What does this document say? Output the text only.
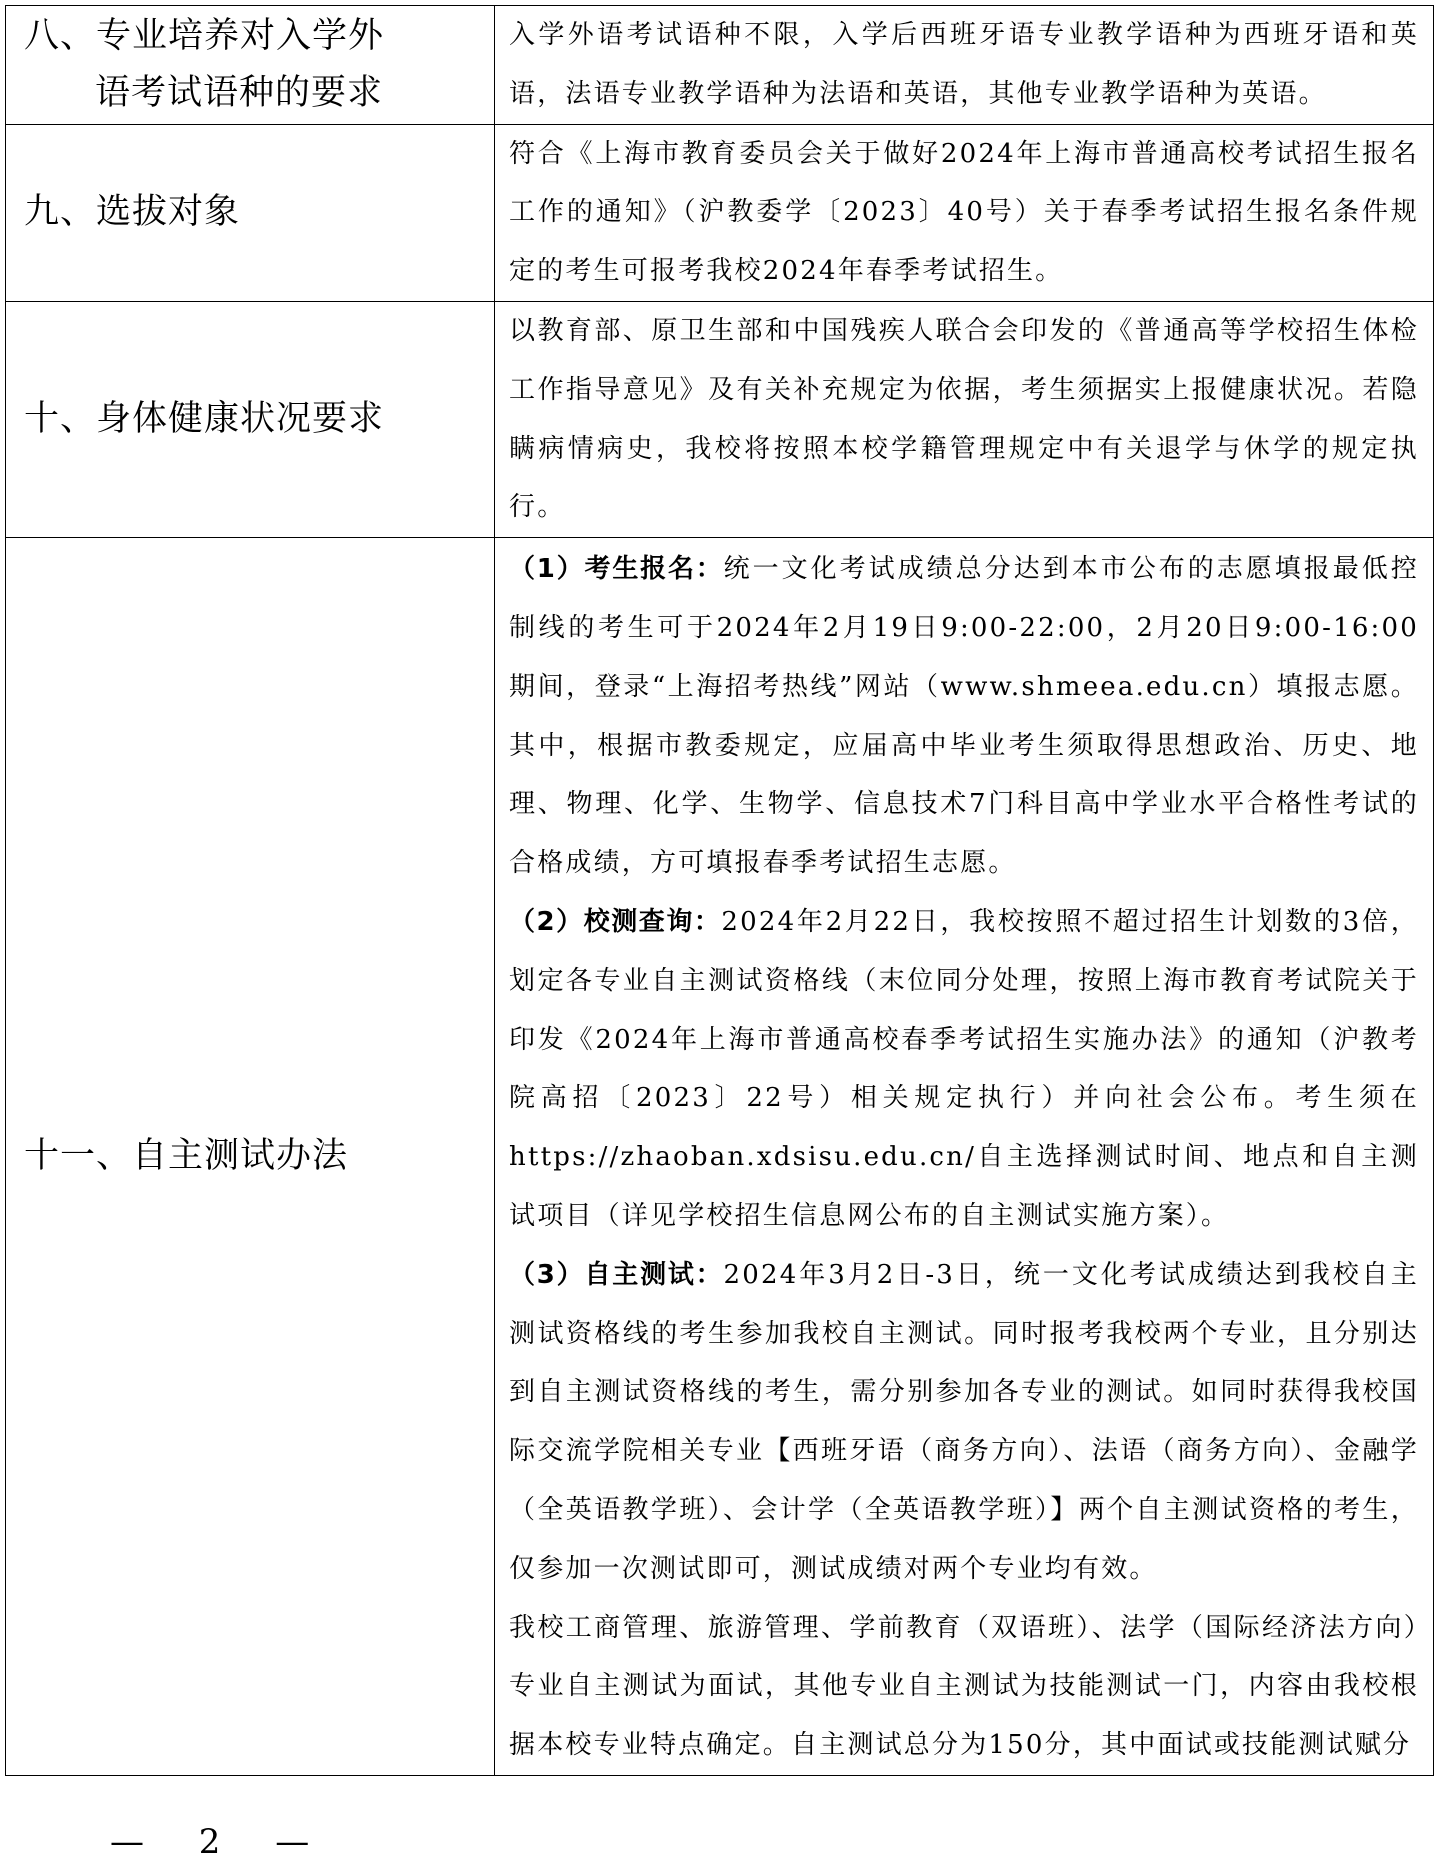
八、专业培养对入学外
语考试语种的要求	入学外语考试语种不限，入学后西班牙语专业教学语种为西班牙语和英语，法语专业教学语种为法语和英语，其他专业教学语种为英语。

九、选拔对象	符合《上海市教育委员会关于做好2024年上海市普通高校考试招生报名工作的通知》（沪教委学〔2023〕40号）关于春季考试招生报名条件规定的考生可报考我校2024年春季考试招生。

十、身体健康状况要求	以教育部、原卫生部和中国残疾人联合会印发的《普通高等学校招生体检工作指导意见》及有关补充规定为依据，考生须据实上报健康状况。若隐瞒病情病史，我校将按照本校学籍管理规定中有关退学与休学的规定执行。

十一、自主测试办法	（1）考生报名：统一文化考试成绩总分达到本市公布的志愿填报最低控制线的考生可于2024年2月19日9:00-22:00，2月20日9:00-16:00期间，登录“上海招考热线”网站（www.shmeea.edu.cn）填报志愿。其中，根据市教委规定，应届高中毕业考生须取得思想政治、历史、地理、物理、化学、生物学、信息技术7门科目高中学业水平合格性考试的合格成绩，方可填报春季考试招生志愿。

（2）校测查询：2024年2月22日，我校按照不超过招生计划数的3倍，划定各专业自主测试资格线（末位同分处理，按照上海市教育考试院关于印发《2024年上海市普通高校春季考试招生实施办法》的通知（沪教考院高招〔2023〕22号）相关规定执行）并向社会公布。考生须在https://zhaoban.xdsisu.edu.cn/自主选择测试时间、地点和自主测试项目（详见学校招生信息网公布的自主测试实施方案）。

（3）自主测试：2024年3月2日-3日，统一文化考试成绩达到我校自主测试资格线的考生参加我校自主测试。同时报考我校两个专业，且分别达到自主测试资格线的考生，需分别参加各专业的测试。如同时获得我校国际交流学院相关专业【西班牙语（商务方向）、法语（商务方向）、金融学（全英语教学班）、会计学（全英语教学班）】两个自主测试资格的考生，仅参加一次测试即可，测试成绩对两个专业均有效。

我校工商管理、旅游管理、学前教育（双语班）、法学（国际经济法方向）专业自主测试为面试，其他专业自主测试为技能测试一门，内容由我校根据本校专业特点确定。自主测试总分为150分，其中面试或技能测试赋分

— 2 —
